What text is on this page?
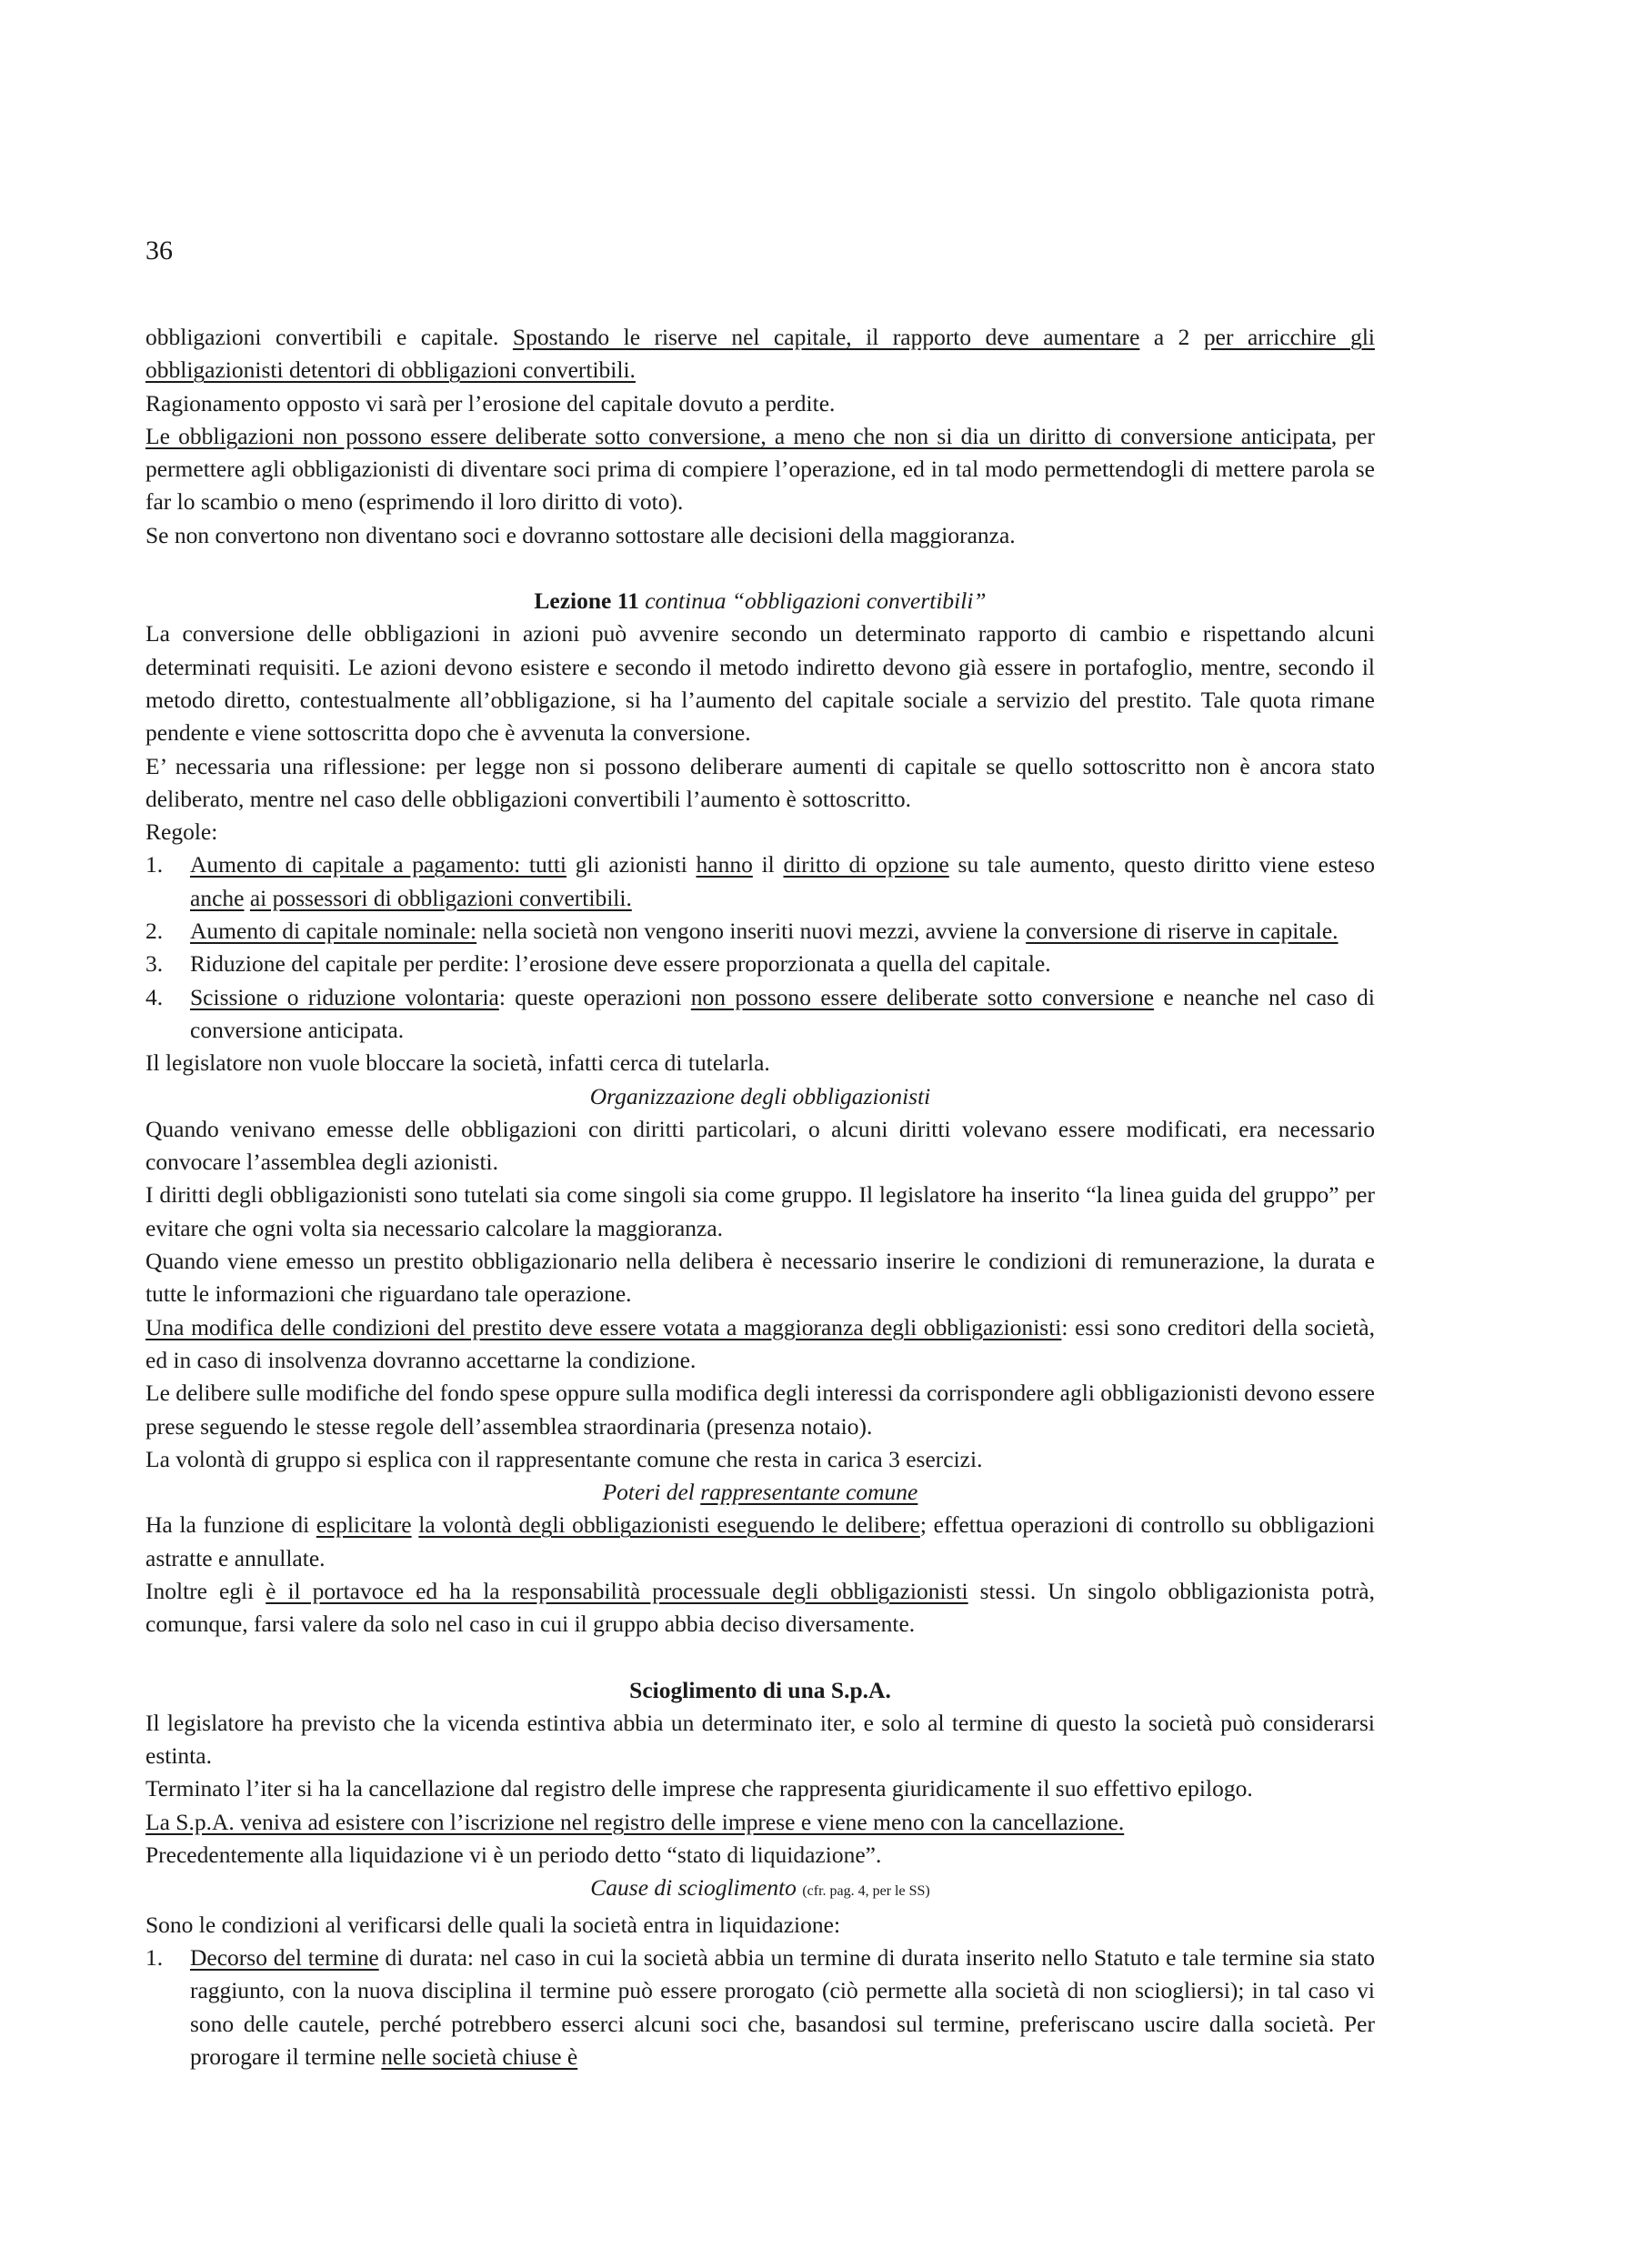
36

obbligazioni convertibili e capitale. Spostando le riserve nel capitale, il rapporto deve aumentare a 2 per arricchire gli obbligazionisti detentori di obbligazioni convertibili.

Ragionamento opposto vi sarà per l’erosione del capitale dovuto a perdite.

Le obbligazioni non possono essere deliberate sotto conversione, a meno che non si dia un diritto di conversione anticipata, per permettere agli obbligazionisti di diventare soci prima di compiere l’operazione, ed in tal modo permettendogli di mettere parola se far lo scambio o meno (esprimendo il loro diritto di voto).

Se non convertono non diventano soci e dovranno sottostare alle decisioni della maggioranza.

Lezione 11 continua “obbligazioni convertibili”

La conversione delle obbligazioni in azioni può avvenire secondo un determinato rapporto di cambio e rispettando alcuni determinati requisiti. Le azioni devono esistere e secondo il metodo indiretto devono già essere in portafoglio, mentre, secondo il metodo diretto, contestualmente all’obbligazione, si ha l’aumento del capitale sociale a servizio del prestito. Tale quota rimane pendente e viene sottoscritta dopo che è avvenuta la conversione.

E’ necessaria una riflessione: per legge non si possono deliberare aumenti di capitale se quello sottoscritto non è ancora stato deliberato, mentre nel caso delle obbligazioni convertibili l’aumento è sottoscritto.

Regole:

1.	Aumento di capitale a pagamento: tutti gli azionisti hanno il diritto di opzione su tale aumento, questo diritto viene esteso anche ai possessori di obbligazioni convertibili.
2.	Aumento di capitale nominale: nella società non vengono inseriti nuovi mezzi, avviene la conversione di riserve in capitale.
3.	Riduzione del capitale per perdite: l’erosione deve essere proporzionata a quella del capitale.
4.	Scissione o riduzione volontaria: queste operazioni non possono essere deliberate sotto conversione e neanche nel caso di conversione anticipata.

Il legislatore non vuole bloccare la società, infatti cerca di tutelarla.

Organizzazione degli obbligazionisti

Quando venivano emesse delle obbligazioni con diritti particolari, o alcuni diritti volevano essere modificati, era necessario convocare l’assemblea degli azionisti.

I diritti degli obbligazionisti sono tutelati sia come singoli sia come gruppo. Il legislatore ha inserito “la linea guida del gruppo” per evitare che ogni volta sia necessario calcolare la maggioranza.

Quando viene emesso un prestito obbligazionario nella delibera è necessario inserire le condizioni di remunerazione, la durata e tutte le informazioni che riguardano tale operazione.

Una modifica delle condizioni del prestito deve essere votata a maggioranza degli obbligazionisti: essi sono creditori della società, ed in caso di insolvenza dovranno accettarne la condizione.

Le delibere sulle modifiche del fondo spese oppure sulla modifica degli interessi da corrispondere agli obbligazionisti devono essere prese seguendo le stesse regole dell’assemblea straordinaria (presenza notaio).

La volontà di gruppo si esplica con il rappresentante comune che resta in carica 3 esercizi.

Poteri del rappresentante comune

Ha la funzione di esplicitare la volontà degli obbligazionisti eseguendo le delibere; effettua operazioni di controllo su obbligazioni astratte e annullate.

Inoltre egli è il portavoce ed ha la responsabilità processuale degli obbligazionisti stessi. Un singolo obbligazionista potrà, comunque, farsi valere da solo nel caso in cui il gruppo abbia deciso diversamente.

Scioglimento di una S.p.A.

Il legislatore ha previsto che la vicenda estintiva abbia un determinato iter, e solo al termine di questo la società può considerarsi estinta.

Terminato l’iter si ha la cancellazione dal registro delle imprese che rappresenta giuridicamente il suo effettivo epilogo.

La S.p.A. veniva ad esistere con l’iscrizione nel registro delle imprese e viene meno con la cancellazione.

Precedentemente alla liquidazione vi è un periodo detto “stato di liquidazione”.

Cause di scioglimento (cfr. pag. 4, per le SS)

Sono le condizioni al verificarsi delle quali la società entra in liquidazione:

1.	Decorso del termine di durata: nel caso in cui la società abbia un termine di durata inserito nello Statuto e tale termine sia stato raggiunto, con la nuova disciplina il termine può essere prorogato (ciò permette alla società di non sciogliersi); in tal caso vi sono delle cautele, perché potrebbero esserci alcuni soci che, basandosi sul termine, preferiscano uscire dalla società. Per prorogare il termine nelle società chiuse è
